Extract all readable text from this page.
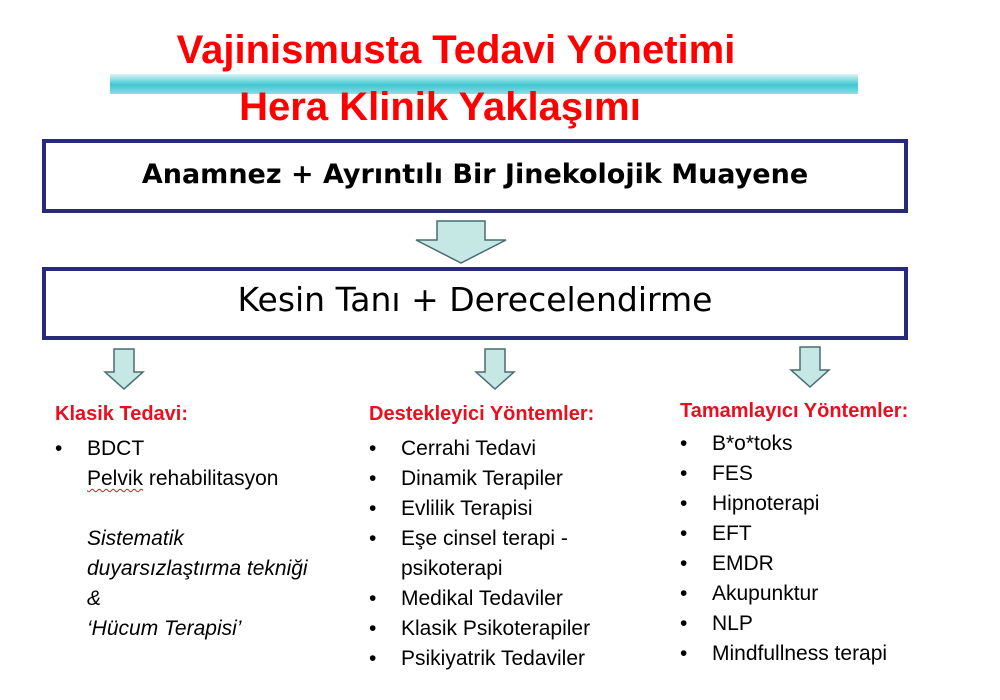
Vajinismusta Tedavi Yönetimi
Hera Klinik Yaklaşımı
Anamnez + Ayrıntılı Bir Jinekolojik Muayene
Kesin Tanı + Derecelendirme
Klasik Tedavi:
• BDCT
Pelvik rehabilitasyon

Sistematik
duyarsızlaştırma tekniği
&
‘Hücum Terapisi’
Destekleyici Yöntemler:
• Cerrahi Tedavi
• Dinamik Terapiler
• Evlilik Terapisi
• Eşe cinsel terapi -
psikoterapi
• Medikal Tedaviler
• Klasik Psikoterapiler
• Psikiyatrik Tedaviler
Tamamlayıcı Yöntemler:
• B*o*toks
• FES
• Hipnoterapi
• EFT
• EMDR
• Akupunktur
• NLP
• Mindfullness terapi
